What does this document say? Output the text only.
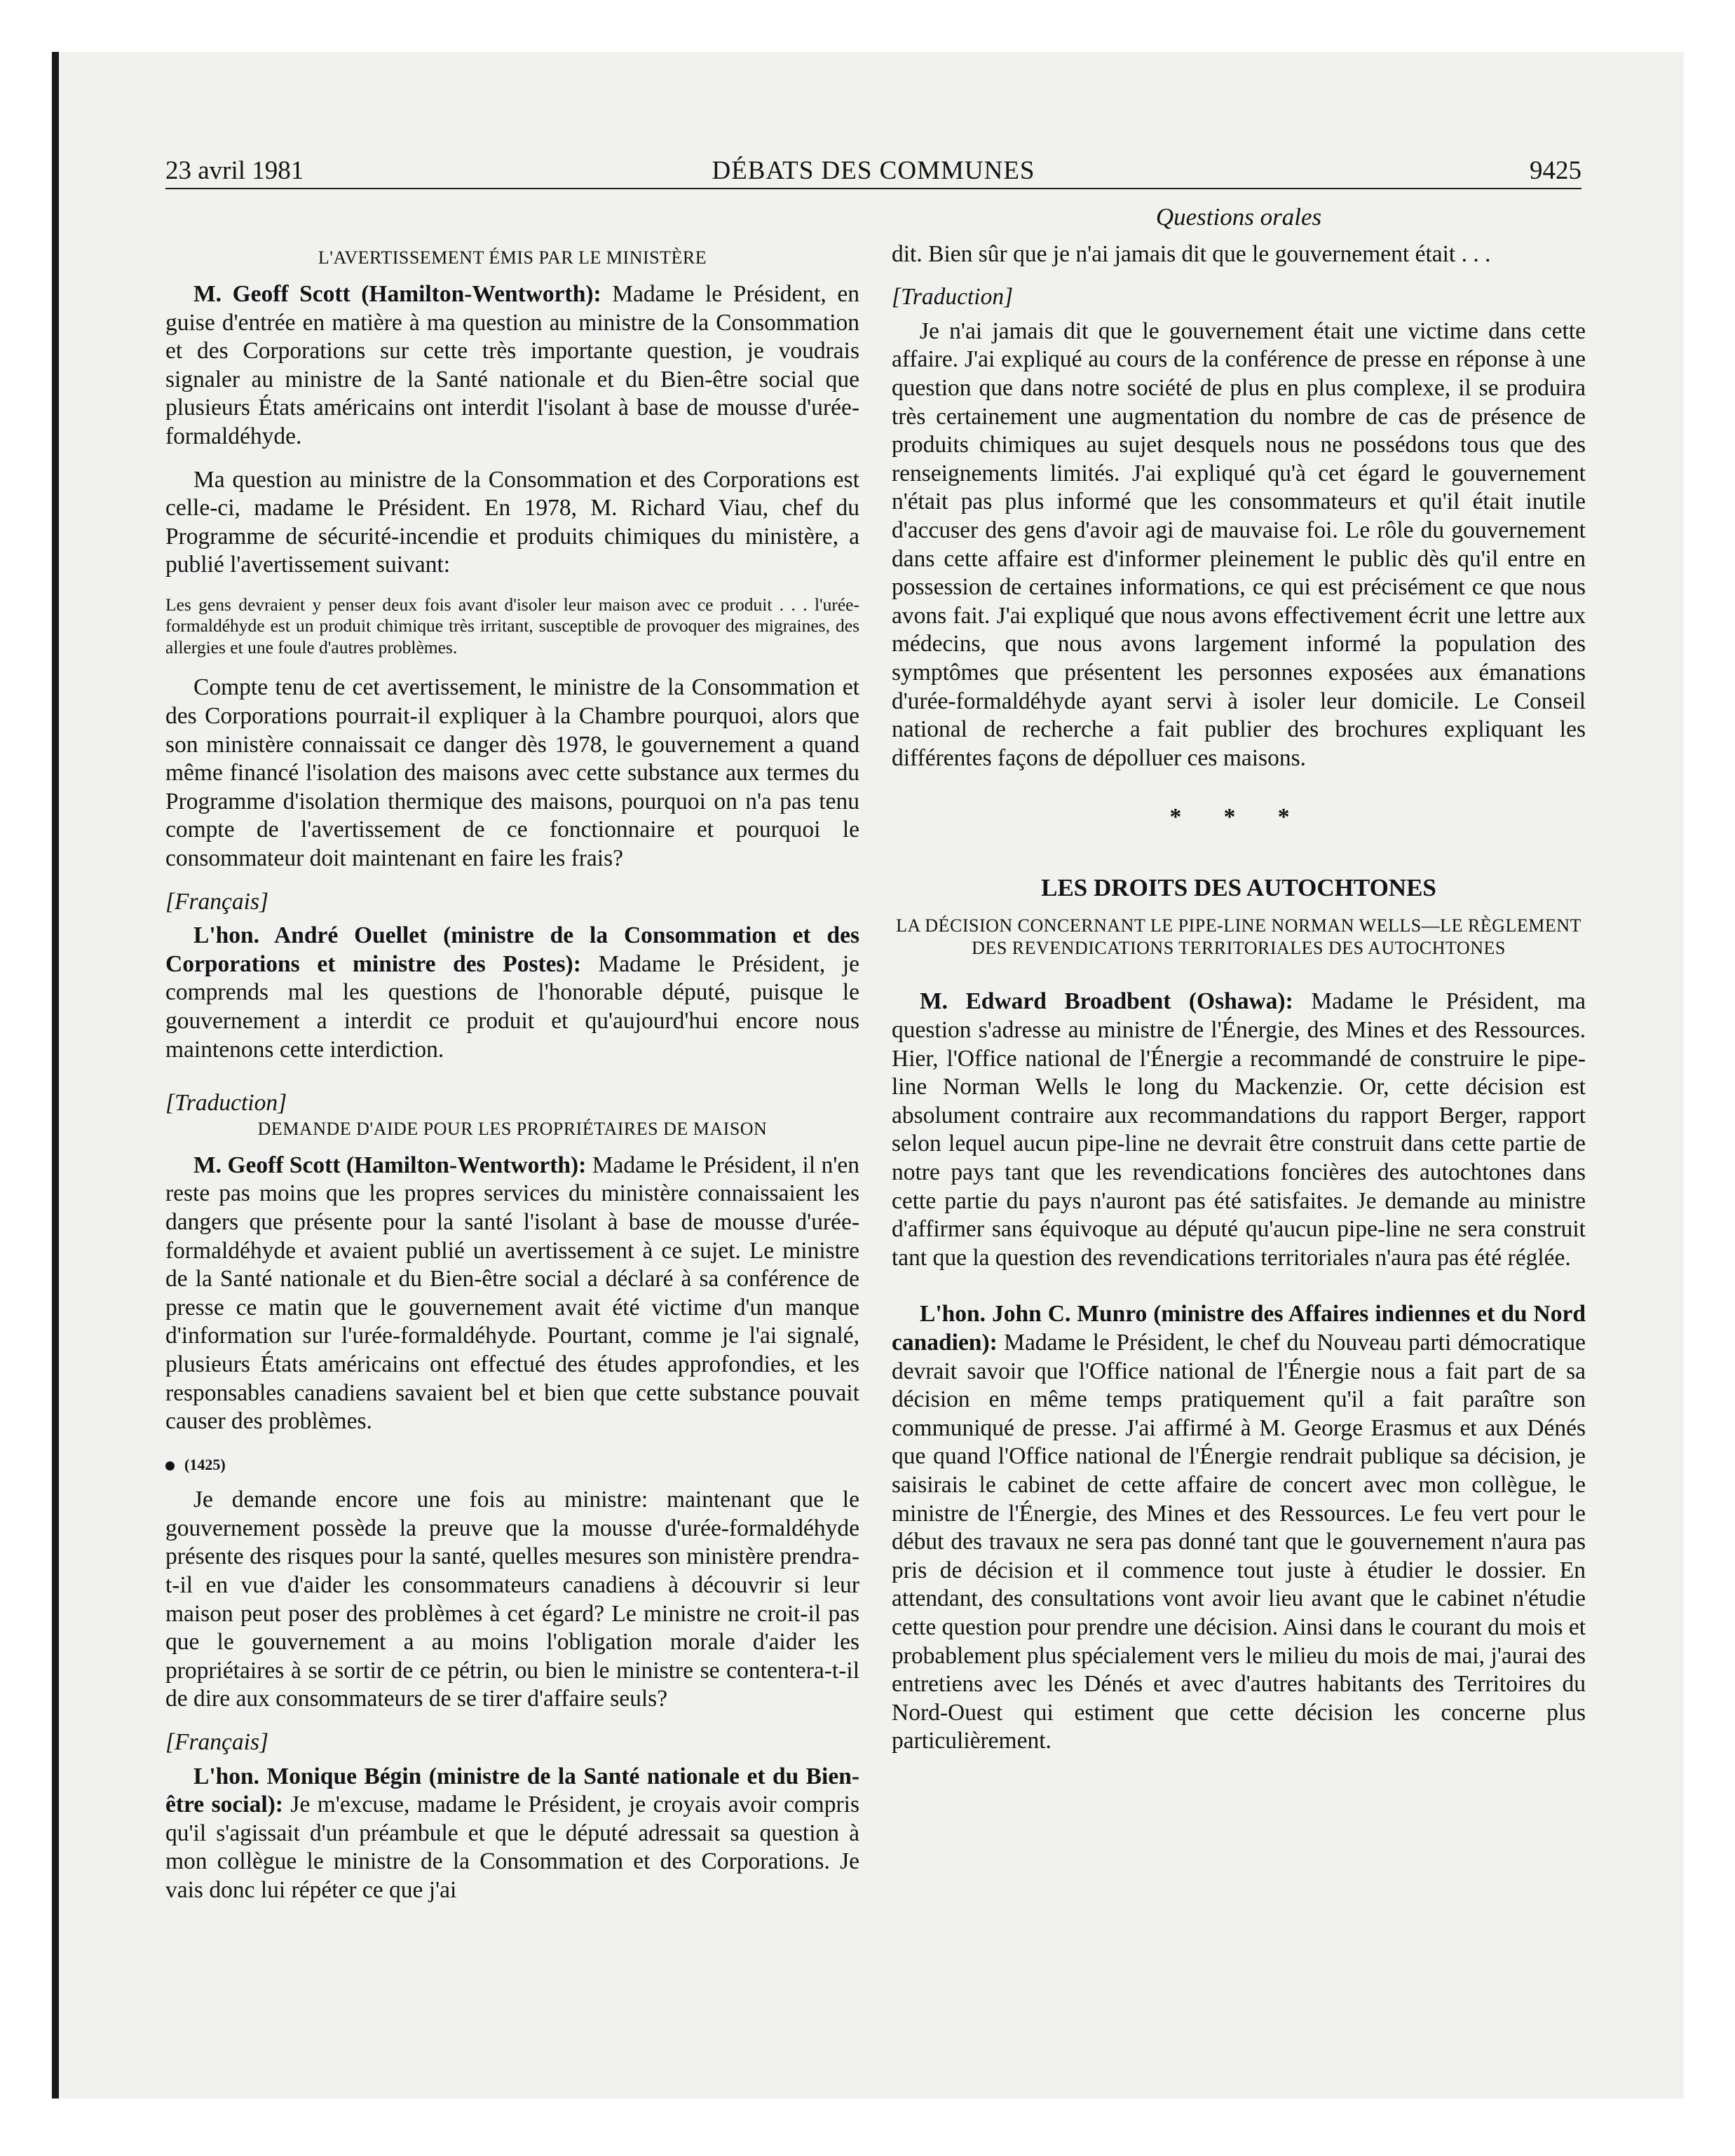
23 avril 1981	DÉBATS DES COMMUNES	9425
L'AVERTISSEMENT ÉMIS PAR LE MINISTÈRE

M. Geoff Scott (Hamilton-Wentworth): Madame le Président, en guise d'entrée en matière à ma question au ministre de la Consommation et des Corporations sur cette très importante question, je voudrais signaler au ministre de la Santé nationale et du Bien-être social que plusieurs États américains ont interdit l'isolant à base de mousse d'urée-formaldéhyde.

Ma question au ministre de la Consommation et des Corporations est celle-ci, madame le Président. En 1978, M. Richard Viau, chef du Programme de sécurité-incendie et produits chimiques du ministère, a publié l'avertissement suivant:

Les gens devraient y penser deux fois avant d'isoler leur maison avec ce produit . . . l'urée-formaldéhyde est un produit chimique très irritant, susceptible de provoquer des migraines, des allergies et une foule d'autres problèmes.

Compte tenu de cet avertissement, le ministre de la Consommation et des Corporations pourrait-il expliquer à la Chambre pourquoi, alors que son ministère connaissait ce danger dès 1978, le gouvernement a quand même financé l'isolation des maisons avec cette substance aux termes du Programme d'isolation thermique des maisons, pourquoi on n'a pas tenu compte de l'avertissement de ce fonctionnaire et pourquoi le consommateur doit maintenant en faire les frais?

[Français]

L'hon. André Ouellet (ministre de la Consommation et des Corporations et ministre des Postes): Madame le Président, je comprends mal les questions de l'honorable député, puisque le gouvernement a interdit ce produit et qu'aujourd'hui encore nous maintenons cette interdiction.

[Traduction]

DEMANDE D'AIDE POUR LES PROPRIÉTAIRES DE MAISON

M. Geoff Scott (Hamilton-Wentworth): Madame le Président, il n'en reste pas moins que les propres services du ministère connaissaient les dangers que présente pour la santé l'isolant à base de mousse d'urée-formaldéhyde et avaient publié un avertissement à ce sujet. Le ministre de la Santé nationale et du Bien-être social a déclaré à sa conférence de presse ce matin que le gouvernement avait été victime d'un manque d'information sur l'urée-formaldéhyde. Pourtant, comme je l'ai signalé, plusieurs États américains ont effectué des études approfondies, et les responsables canadiens savaient bel et bien que cette substance pouvait causer des problèmes.

(1425)

Je demande encore une fois au ministre: maintenant que le gouvernement possède la preuve que la mousse d'urée-formaldéhyde présente des risques pour la santé, quelles mesures son ministère prendra-t-il en vue d'aider les consommateurs canadiens à découvrir si leur maison peut poser des problèmes à cet égard? Le ministre ne croit-il pas que le gouvernement a au moins l'obligation morale d'aider les propriétaires à se sortir de ce pétrin, ou bien le ministre se contentera-t-il de dire aux consommateurs de se tirer d'affaire seuls?

[Français]

L'hon. Monique Bégin (ministre de la Santé nationale et du Bien-être social): Je m'excuse, madame le Président, je croyais avoir compris qu'il s'agissait d'un préambule et que le député adressait sa question à mon collègue le ministre de la Consommation et des Corporations. Je vais donc lui répéter ce que j'ai

Questions orales

dit. Bien sûr que je n'ai jamais dit que le gouvernement était . . .

[Traduction]

Je n'ai jamais dit que le gouvernement était une victime dans cette affaire. J'ai expliqué au cours de la conférence de presse en réponse à une question que dans notre société de plus en plus complexe, il se produira très certainement une augmentation du nombre de cas de présence de produits chimiques au sujet desquels nous ne possédons tous que des renseignements limités. J'ai expliqué qu'à cet égard le gouvernement n'était pas plus informé que les consommateurs et qu'il était inutile d'accuser des gens d'avoir agi de mauvaise foi. Le rôle du gouvernement dans cette affaire est d'informer pleinement le public dès qu'il entre en possession de certaines informations, ce qui est précisément ce que nous avons fait. J'ai expliqué que nous avons effectivement écrit une lettre aux médecins, que nous avons largement informé la population des symptômes que présentent les personnes exposées aux émanations d'urée-formaldéhyde ayant servi à isoler leur domicile. Le Conseil national de recherche a fait publier des brochures expliquant les différentes façons de dépolluer ces maisons.

* * *

LES DROITS DES AUTOCHTONES

LA DÉCISION CONCERNANT LE PIPE-LINE NORMAN WELLS—LE RÈGLEMENT DES REVENDICATIONS TERRITORIALES DES AUTOCHTONES

M. Edward Broadbent (Oshawa): Madame le Président, ma question s'adresse au ministre de l'Énergie, des Mines et des Ressources. Hier, l'Office national de l'Énergie a recommandé de construire le pipe-line Norman Wells le long du Mackenzie. Or, cette décision est absolument contraire aux recommandations du rapport Berger, rapport selon lequel aucun pipe-line ne devrait être construit dans cette partie de notre pays tant que les revendications foncières des autochtones dans cette partie du pays n'auront pas été satisfaites. Je demande au ministre d'affirmer sans équivoque au député qu'aucun pipe-line ne sera construit tant que la question des revendications territoriales n'aura pas été réglée.

L'hon. John C. Munro (ministre des Affaires indiennes et du Nord canadien): Madame le Président, le chef du Nouveau parti démocratique devrait savoir que l'Office national de l'Énergie nous a fait part de sa décision en même temps pratiquement qu'il a fait paraître son communiqué de presse. J'ai affirmé à M. George Erasmus et aux Dénés que quand l'Office national de l'Énergie rendrait publique sa décision, je saisirais le cabinet de cette affaire de concert avec mon collègue, le ministre de l'Énergie, des Mines et des Ressources. Le feu vert pour le début des travaux ne sera pas donné tant que le gouvernement n'aura pas pris de décision et il commence tout juste à étudier le dossier. En attendant, des consultations vont avoir lieu avant que le cabinet n'étudie cette question pour prendre une décision. Ainsi dans le courant du mois et probablement plus spécialement vers le milieu du mois de mai, j'aurai des entretiens avec les Dénés et avec d'autres habitants des Territoires du Nord-Ouest qui estiment que cette décision les concerne plus particulièrement.
